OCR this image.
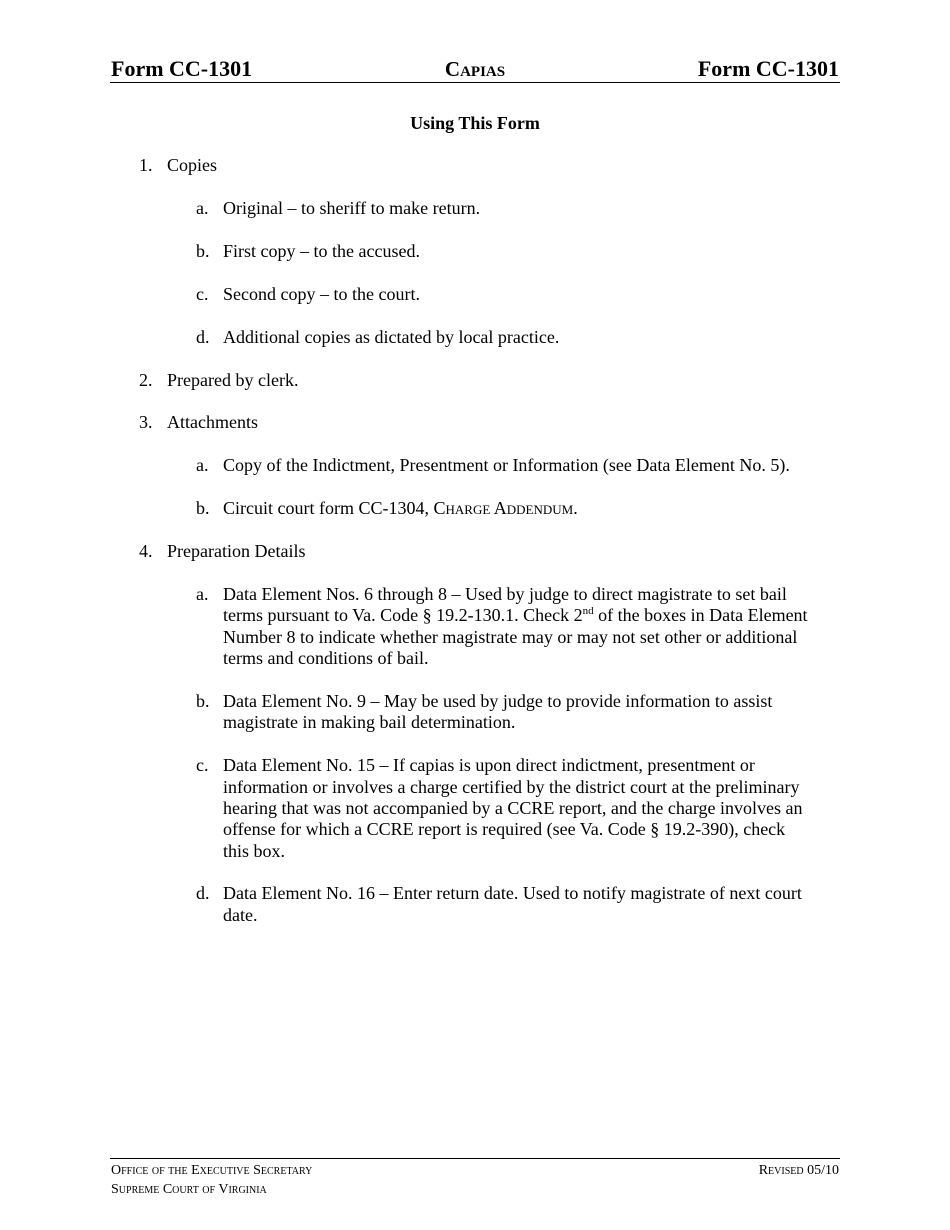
Form CC-1301	Capias	Form CC-1301
Using This Form
1. Copies
a. Original – to sheriff to make return.
b. First copy – to the accused.
c. Second copy – to the court.
d. Additional copies as dictated by local practice.
2. Prepared by clerk.
3. Attachments
a. Copy of the Indictment, Presentment or Information (see Data Element No. 5).
b. Circuit court form CC-1304, Charge Addendum.
4. Preparation Details
a. Data Element Nos. 6 through 8 – Used by judge to direct magistrate to set bail
terms pursuant to Va. Code § 19.2-130.1. Check 2nd of the boxes in Data Element
Number 8 to indicate whether magistrate may or may not set other or additional
terms and conditions of bail.
b. Data Element No. 9 – May be used by judge to provide information to assist
magistrate in making bail determination.
c. Data Element No. 15 – If capias is upon direct indictment, presentment or
information or involves a charge certified by the district court at the preliminary
hearing that was not accompanied by a CCRE report, and the charge involves an
offense for which a CCRE report is required (see Va. Code § 19.2-390), check
this box.
d. Data Element No. 16 – Enter return date. Used to notify magistrate of next court
date.
Office of the Executive Secretary
Supreme Court of Virginia
Revised 05/10
